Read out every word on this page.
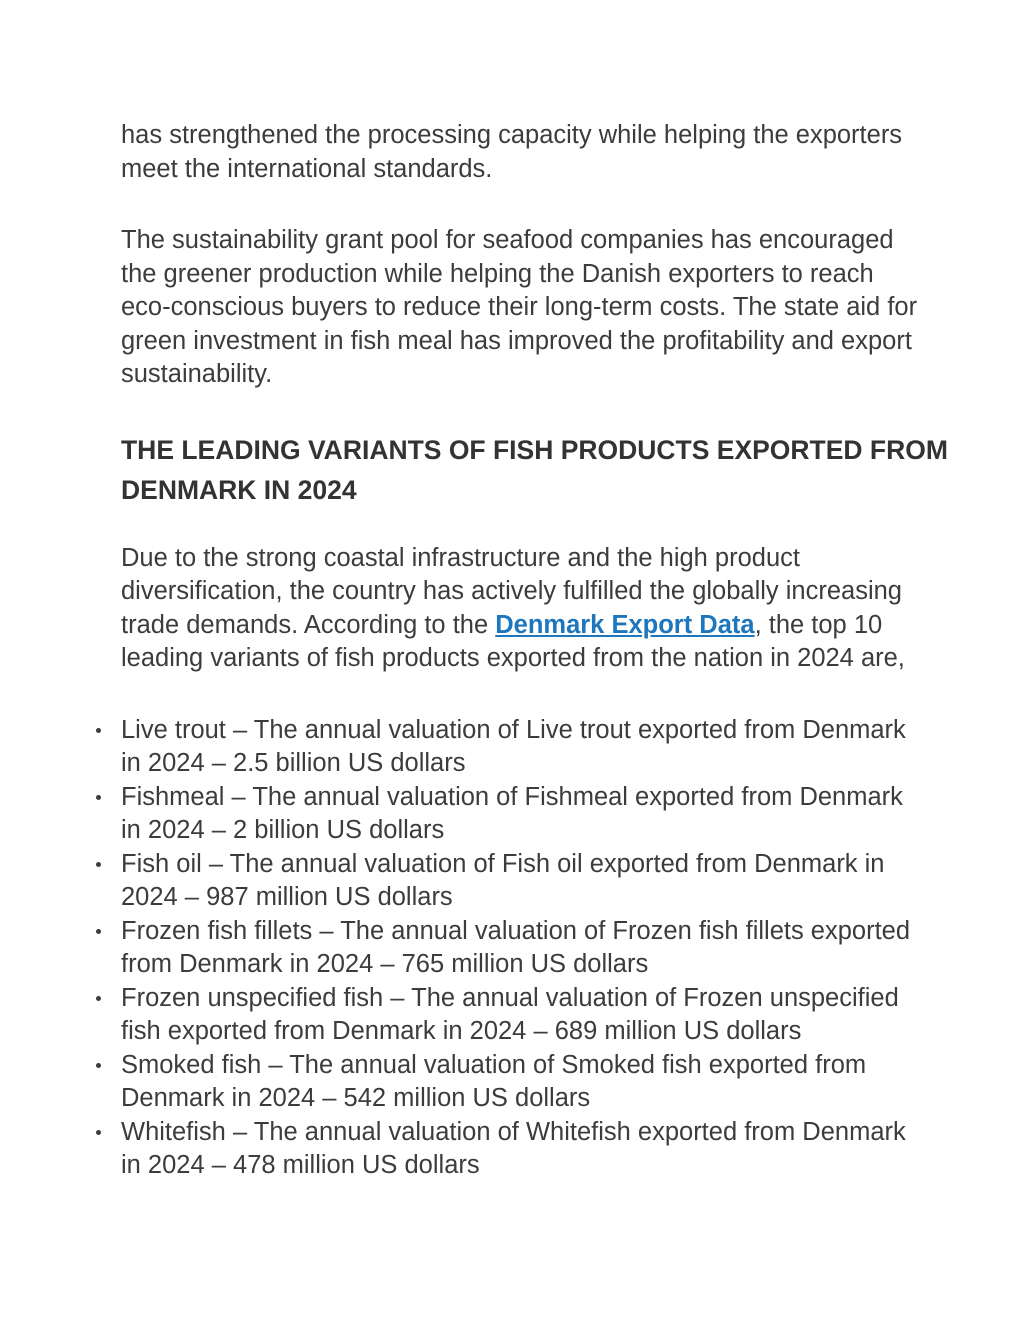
has strengthened the processing capacity while helping the exporters meet the international standards.

The sustainability grant pool for seafood companies has encouraged the greener production while helping the Danish exporters to reach eco-conscious buyers to reduce their long-term costs. The state aid for green investment in fish meal has improved the profitability and export sustainability.

THE LEADING VARIANTS OF FISH PRODUCTS EXPORTED FROM DENMARK IN 2024

Due to the strong coastal infrastructure and the high product diversification, the country has actively fulfilled the globally increasing trade demands. According to the Denmark Export Data, the top 10 leading variants of fish products exported from the nation in 2024 are,

Live trout – The annual valuation of Live trout exported from Denmark in 2024 – 2.5 billion US dollars
Fishmeal – The annual valuation of Fishmeal exported from Denmark in 2024 – 2 billion US dollars
Fish oil – The annual valuation of Fish oil exported from Denmark in 2024 – 987 million US dollars
Frozen fish fillets – The annual valuation of Frozen fish fillets exported from Denmark in 2024 – 765 million US dollars
Frozen unspecified fish – The annual valuation of Frozen unspecified fish exported from Denmark in 2024 – 689 million US dollars
Smoked fish – The annual valuation of Smoked fish exported from Denmark in 2024 – 542 million US dollars
Whitefish – The annual valuation of Whitefish exported from Denmark in 2024 – 478 million US dollars
